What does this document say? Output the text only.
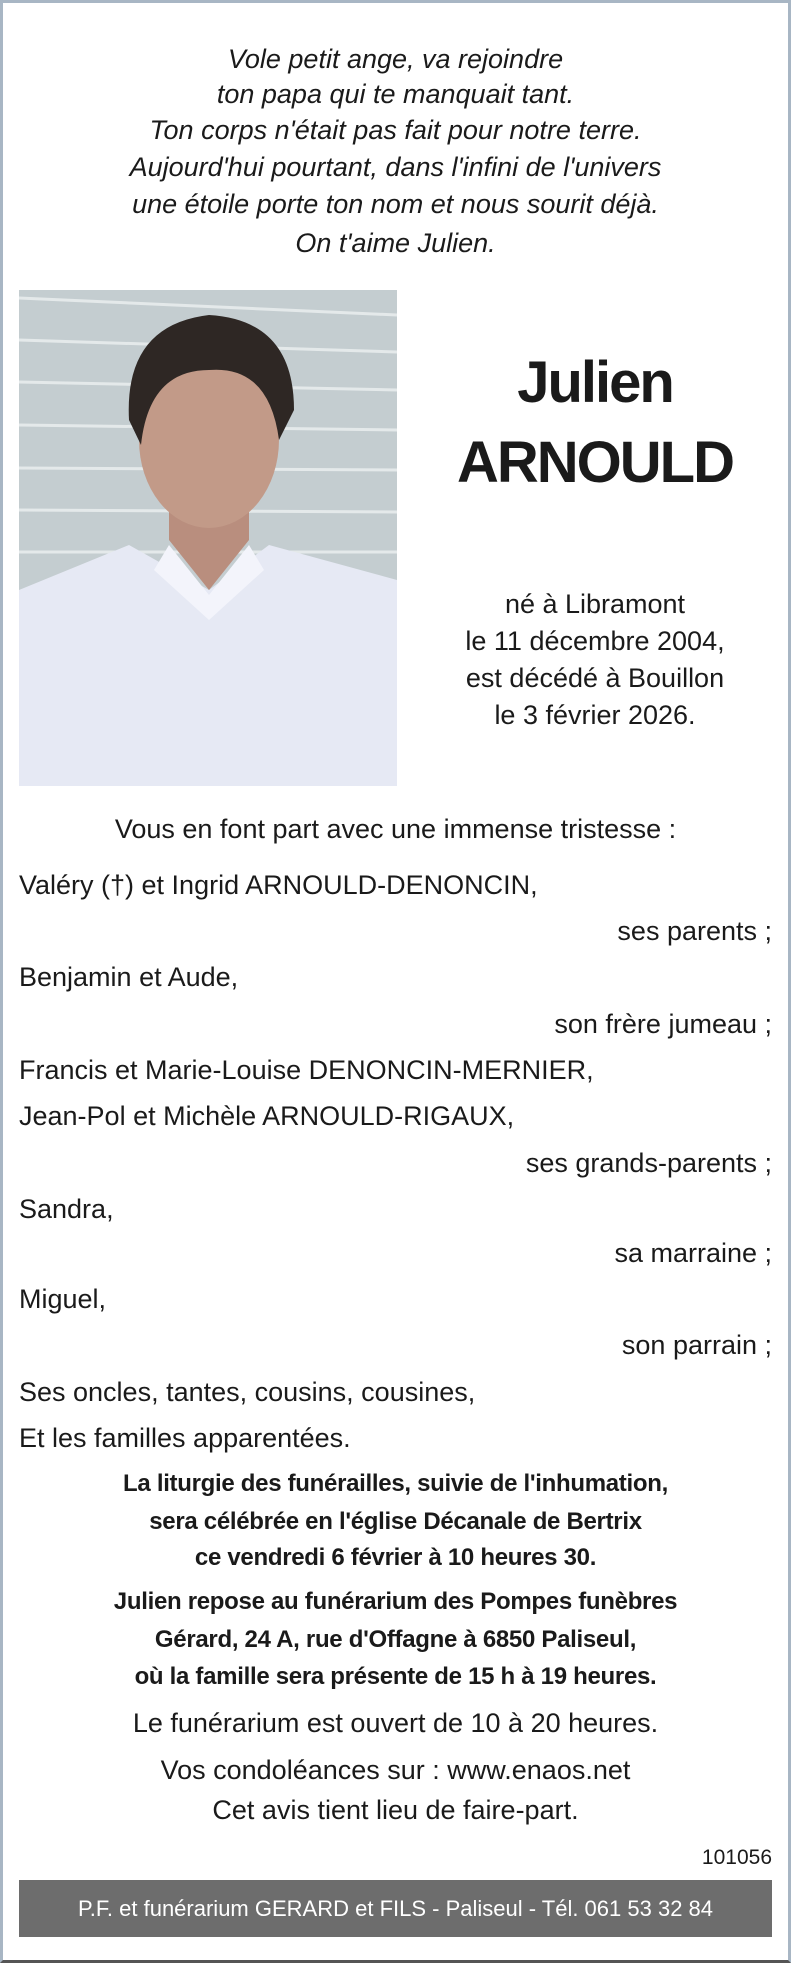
Vole petit ange, va rejoindre
ton papa qui te manquait tant.
Ton corps n'était pas fait pour notre terre.
Aujourd'hui pourtant, dans l'infini de l'univers
une étoile porte ton nom et nous sourit déjà.
On t'aime Julien.
Julien
ARNOULD
né à Libramont
le 11 décembre 2004,
est décédé à Bouillon
le 3 février 2026.
Vous en font part avec une immense tristesse :
Valéry (†) et Ingrid ARNOULD-DENONCIN,
ses parents ;
Benjamin et Aude,
son frère jumeau ;
Francis et Marie-Louise DENONCIN-MERNIER,
Jean-Pol et Michèle ARNOULD-RIGAUX,
ses grands-parents ;
Sandra,
sa marraine ;
Miguel,
son parrain ;
Ses oncles, tantes, cousins, cousines,
Et les familles apparentées.
La liturgie des funérailles, suivie de l'inhumation,
sera célébrée en l'église Décanale de Bertrix
ce vendredi 6 février à 10 heures 30.
Julien repose au funérarium des Pompes funèbres
Gérard, 24 A, rue d'Offagne à 6850 Paliseul,
où la famille sera présente de 15 h à 19 heures.
Le funérarium est ouvert de 10 à 20 heures.
Vos condoléances sur : www.enaos.net
Cet avis tient lieu de faire-part.
101056
P.F. et funérarium GERARD et FILS - Paliseul - Tél. 061 53 32 84
